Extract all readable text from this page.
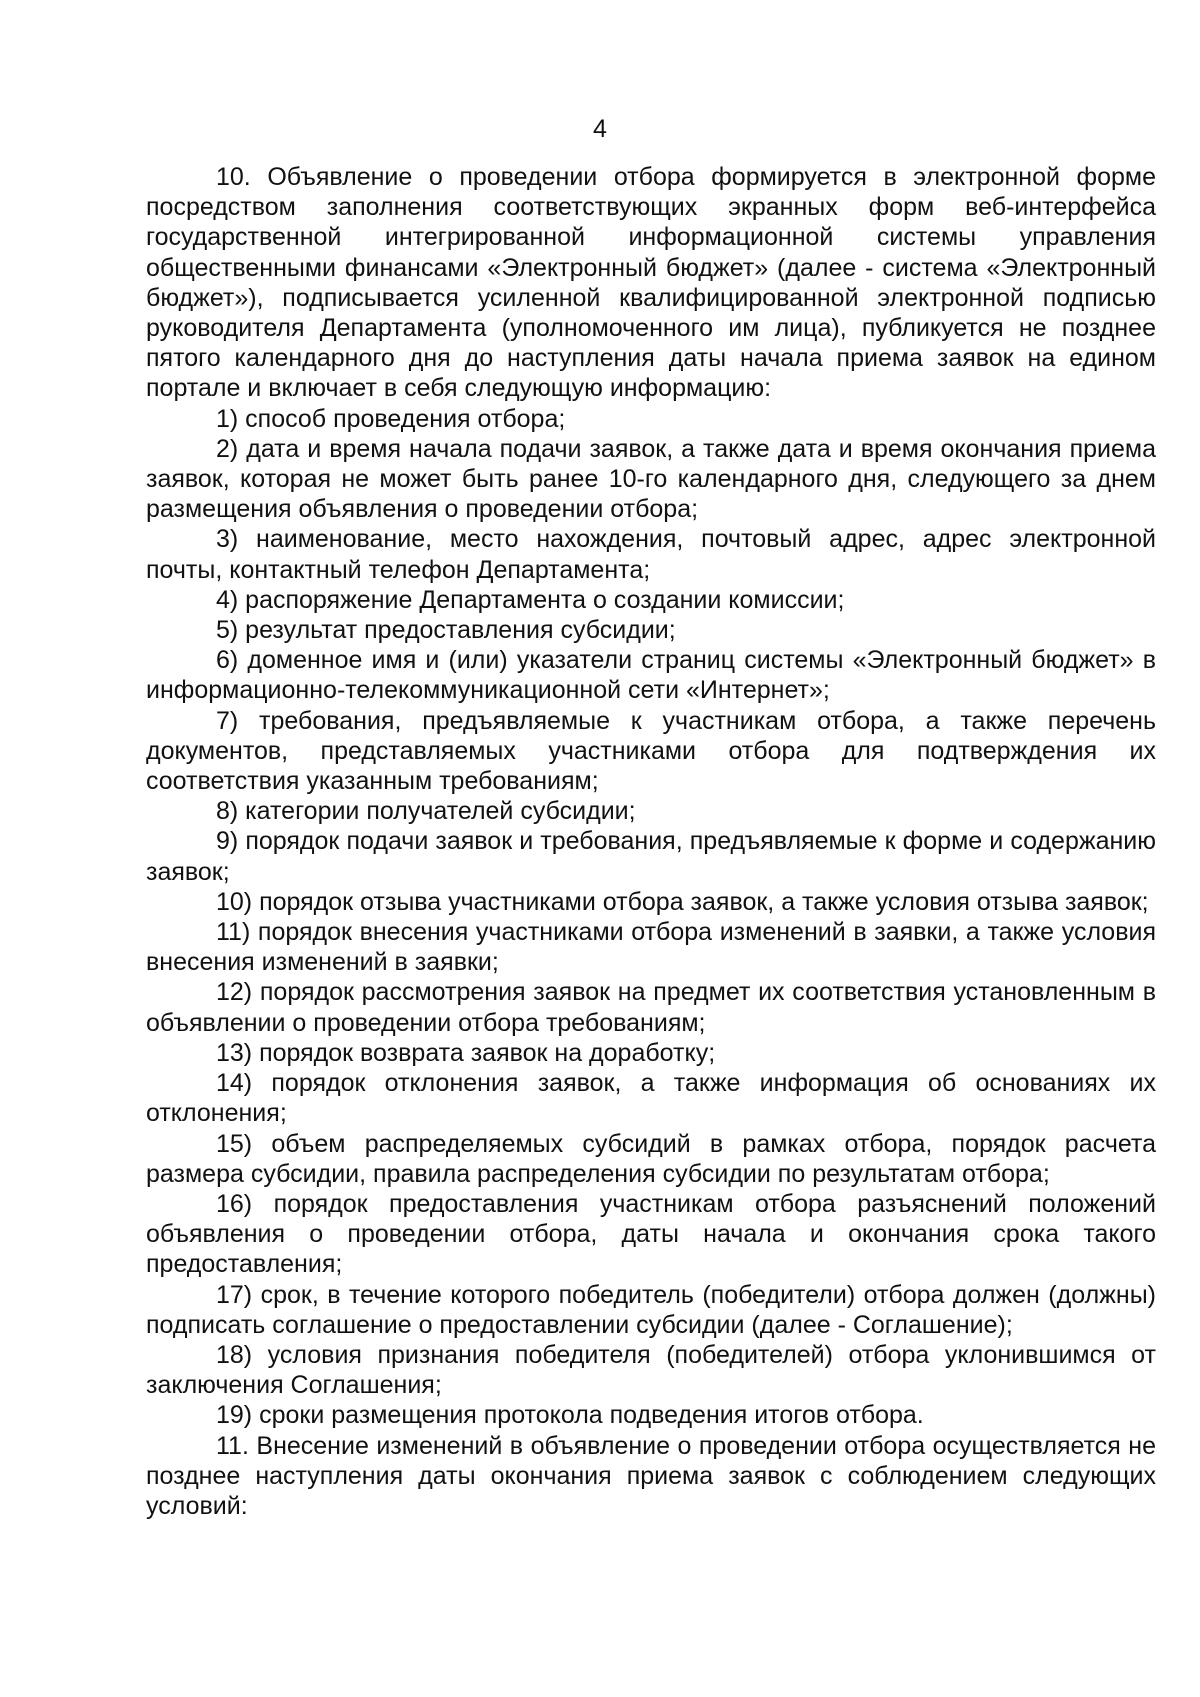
4

10. Объявление о проведении отбора формируется в электронной форме посредством заполнения соответствующих экранных форм веб-интерфейса государственной интегрированной информационной системы управления общественными финансами «Электронный бюджет» (далее - система «Электронный бюджет»), подписывается усиленной квалифицированной электронной подписью руководителя Департамента (уполномоченного им лица), публикуется не позднее пятого календарного дня до наступления даты начала приема заявок на едином портале и включает в себя следующую информацию:

1) способ проведения отбора;

2) дата и время начала подачи заявок, а также дата и время окончания приема заявок, которая не может быть ранее 10-го календарного дня, следующего за днем размещения объявления о проведении отбора;

3) наименование, место нахождения, почтовый адрес, адрес электронной почты, контактный телефон Департамента;

4) распоряжение Департамента о создании комиссии;

5) результат предоставления субсидии;

6) доменное имя и (или) указатели страниц системы «Электронный бюджет» в информационно-телекоммуникационной сети «Интернет»;

7) требования, предъявляемые к участникам отбора, а также перечень документов, представляемых участниками отбора для подтверждения их соответствия указанным требованиям;

8) категории получателей субсидии;

9) порядок подачи заявок и требования, предъявляемые к форме и содержанию заявок;

10) порядок отзыва участниками отбора заявок, а также условия отзыва заявок;

11) порядок внесения участниками отбора изменений в заявки, а также условия внесения изменений в заявки;

12) порядок рассмотрения заявок на предмет их соответствия установленным в объявлении о проведении отбора требованиям;

13) порядок возврата заявок на доработку;

14) порядок отклонения заявок, а также информация об основаниях их отклонения;

15) объем распределяемых субсидий в рамках отбора, порядок расчета размера субсидии, правила распределения субсидии по результатам отбора;

16) порядок предоставления участникам отбора разъяснений положений объявления о проведении отбора, даты начала и окончания срока такого предоставления;

17) срок, в течение которого победитель (победители) отбора должен (должны) подписать соглашение о предоставлении субсидии (далее - Соглашение);

18) условия признания победителя (победителей) отбора уклонившимся от заключения Соглашения;

19) сроки размещения протокола подведения итогов отбора.

11. Внесение изменений в объявление о проведении отбора осуществляется не позднее наступления даты окончания приема заявок с соблюдением следующих условий:
